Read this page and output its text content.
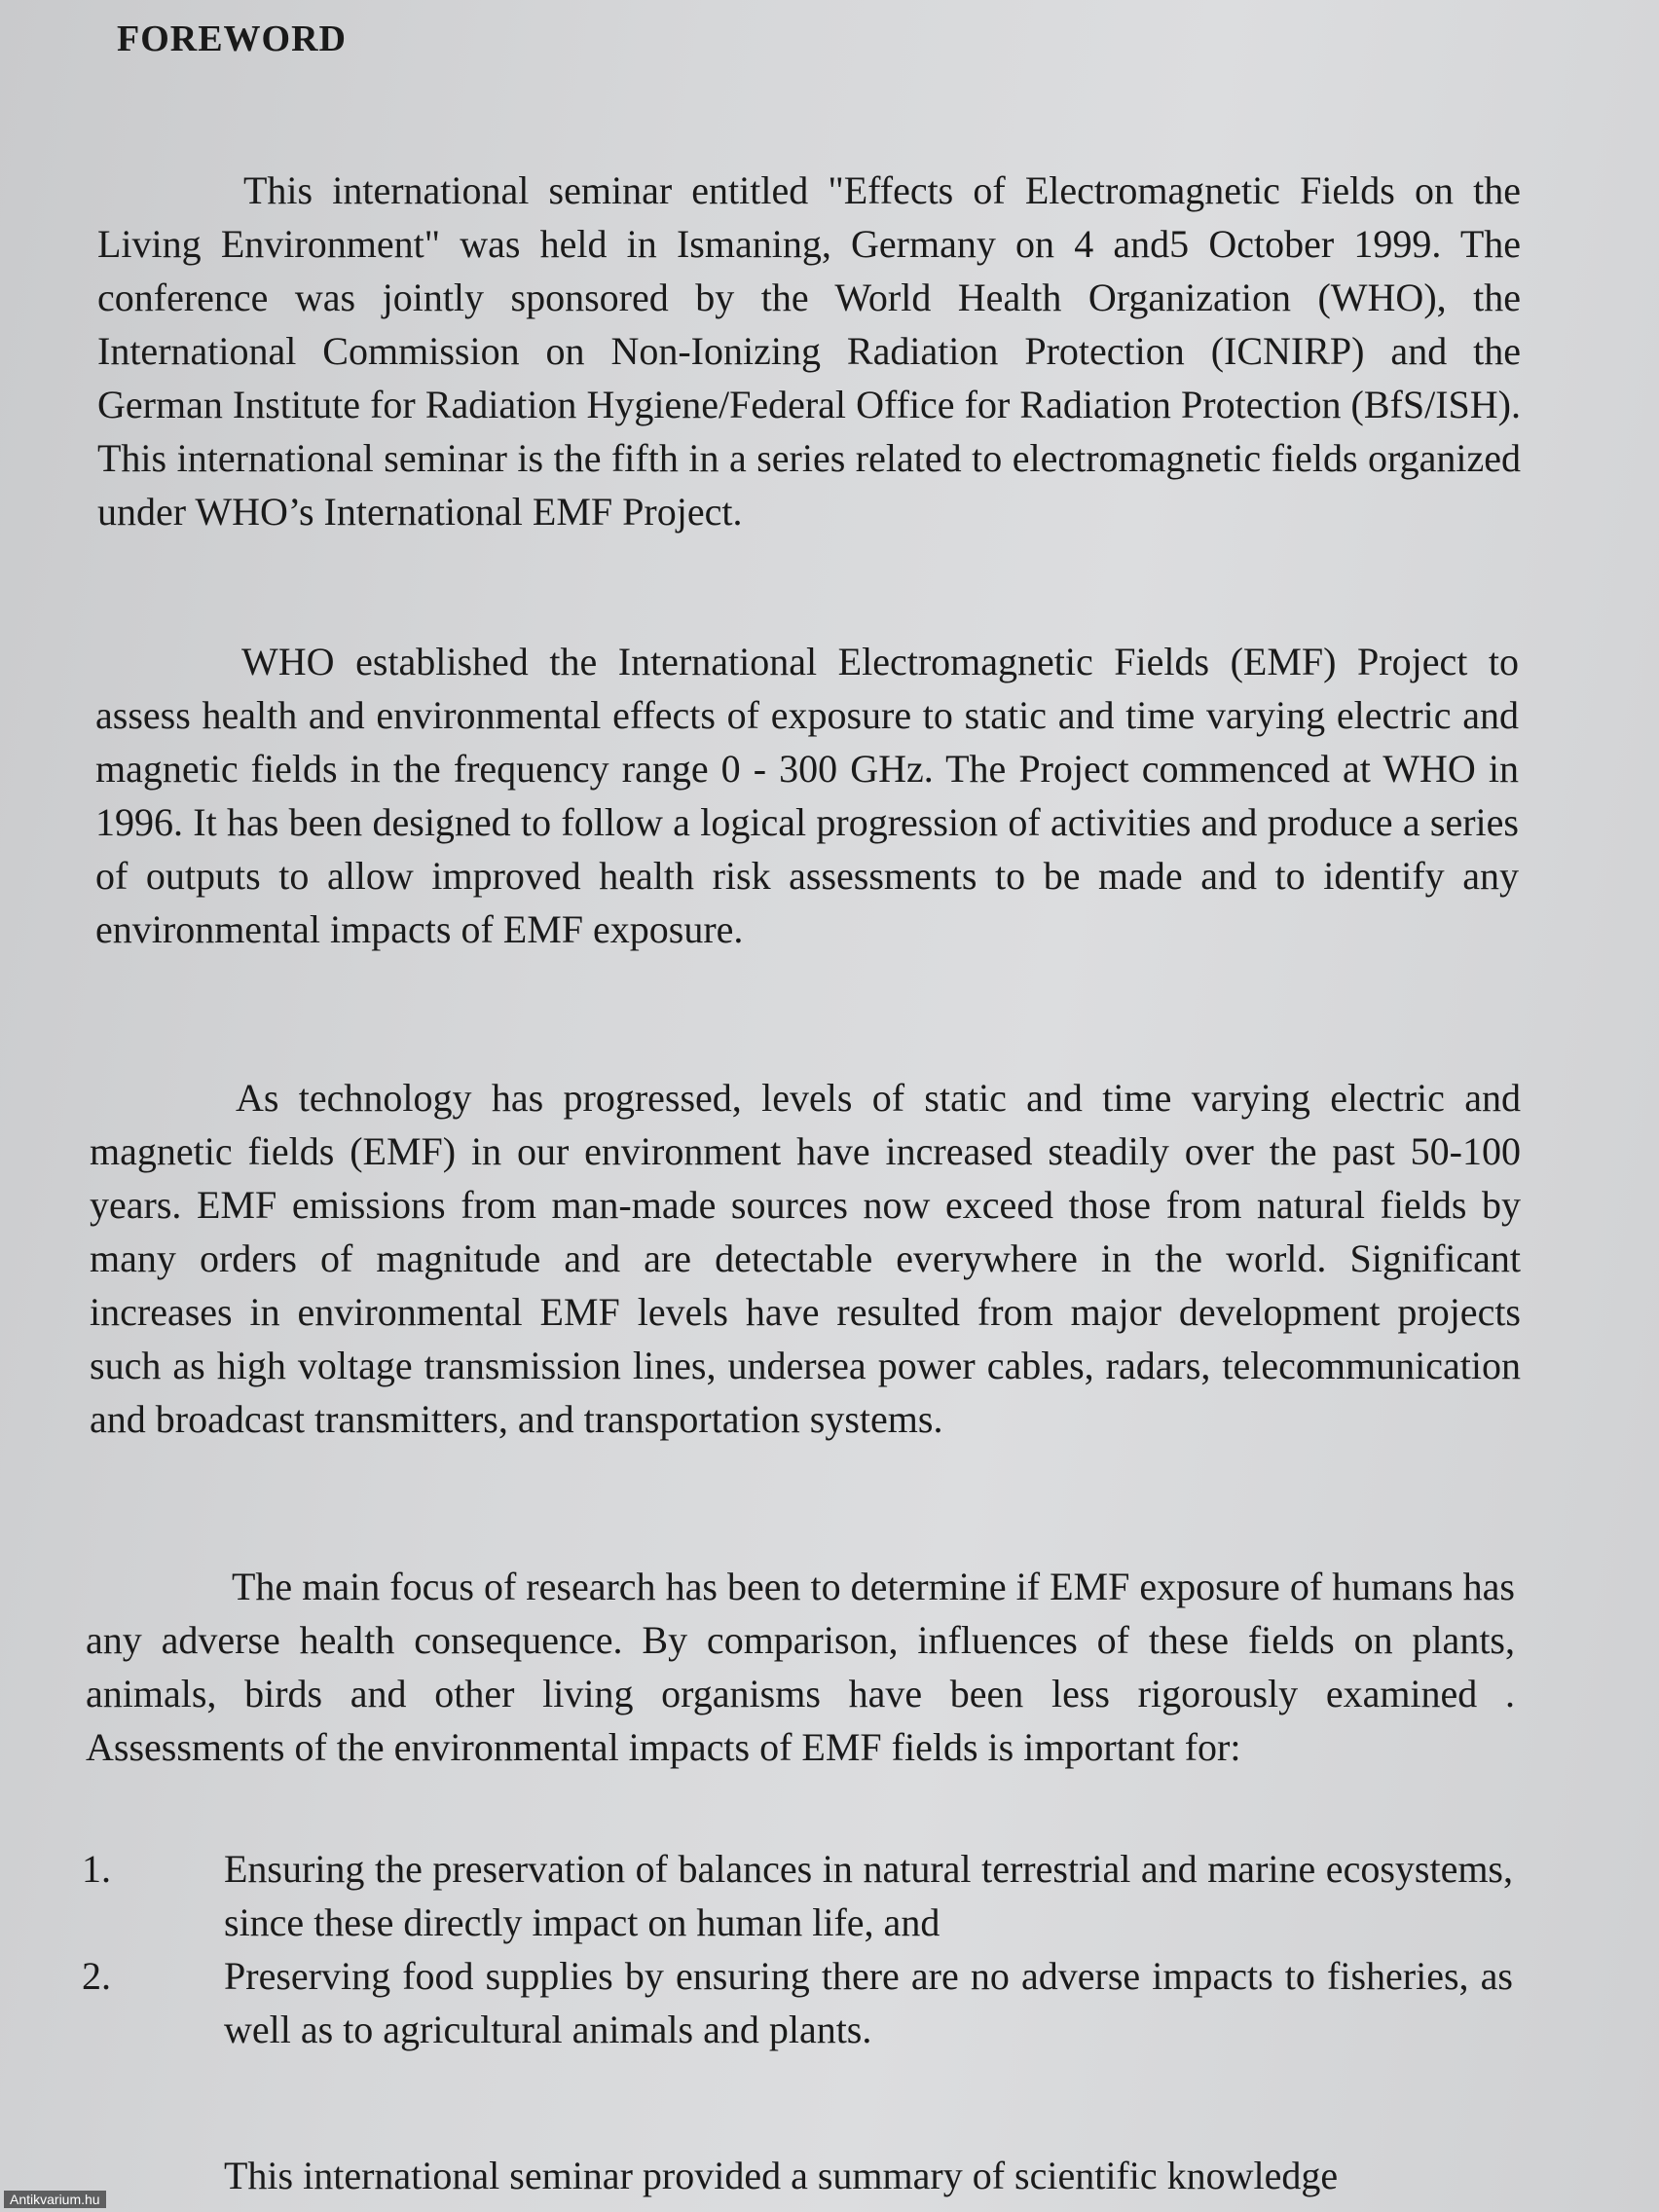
FOREWORD

This international seminar entitled "Effects of Electromagnetic Fields on the Living Environment" was held in Ismaning, Germany on 4 and5 October 1999. The conference was jointly sponsored by the World Health Organization (WHO), the International Commission on Non-Ionizing Radiation Protection (ICNIRP) and the German Institute for Radiation Hygiene/Federal Office for Radiation Protection (BfS/ISH). This international seminar is the fifth in a series related to electromagnetic fields organized under WHO’s International EMF Project.

WHO established the International Electromagnetic Fields (EMF) Project to assess health and environmental effects of exposure to static and time varying electric and magnetic fields in the frequency range 0 - 300 GHz. The Project commenced at WHO in 1996. It has been designed to follow a logical progression of activities and produce a series of outputs to allow improved health risk assessments to be made and to identify any environmental impacts of EMF exposure.

As technology has progressed, levels of static and time varying electric and magnetic fields (EMF) in our environment have increased steadily over the past 50-100 years. EMF emissions from man-made sources now exceed those from natural fields by many orders of magnitude and are detectable everywhere in the world. Significant increases in environmental EMF levels have resulted from major development projects such as high voltage transmission lines, undersea power cables, radars, telecommunication and broadcast transmitters, and transportation systems.

The main focus of research has been to determine if EMF exposure of humans has any adverse health consequence. By comparison, influences of these fields on plants, animals, birds and other living organisms have been less rigorously examined . Assessments of the environmental impacts of EMF fields is important for:

1.	Ensuring the preservation of balances in natural terrestrial and marine ecosystems, since these directly impact on human life, and
2.	Preserving food supplies by ensuring there are no adverse impacts to fisheries, as well as to agricultural animals and plants.

This international seminar provided a summary of scientific knowledge

Antikvarium.hu
